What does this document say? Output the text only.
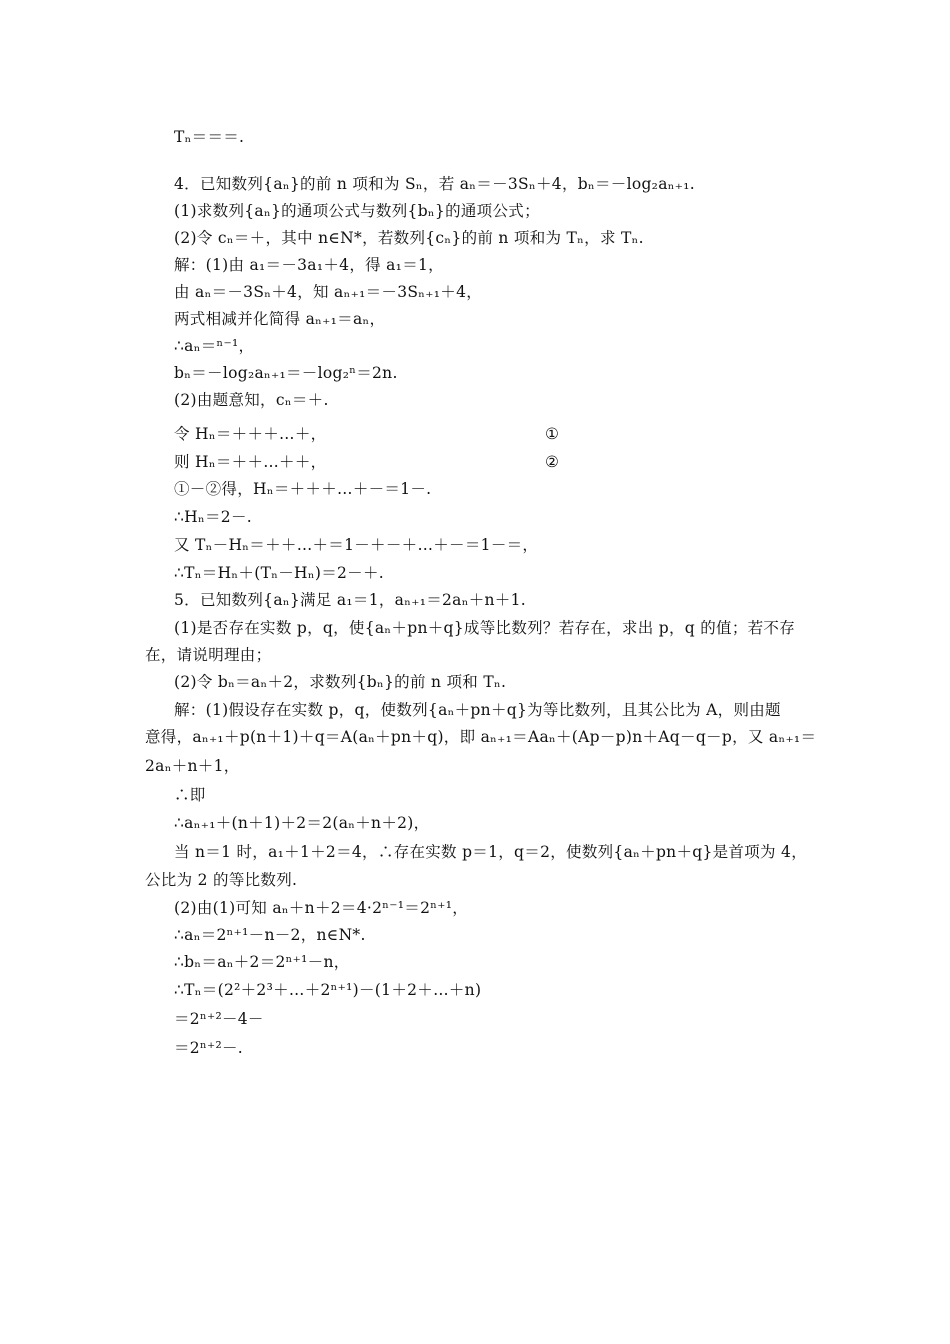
Tₙ＝＝＝.
4．已知数列{aₙ}的前 n 项和为 Sₙ，若 aₙ＝－3Sₙ＋4，bₙ＝－log₂aₙ₊₁.
(1)求数列{aₙ}的通项公式与数列{bₙ}的通项公式；
(2)令 cₙ＝＋，其中 n∈N*，若数列{cₙ}的前 n 项和为 Tₙ，求 Tₙ.
解：(1)由 a₁＝－3a₁＋4，得 a₁＝1，
由 aₙ＝－3Sₙ＋4，知 aₙ₊₁＝－3Sₙ₊₁＋4，
两式相减并化简得 aₙ₊₁＝aₙ，
∴aₙ＝ⁿ⁻¹，
bₙ＝－log₂aₙ₊₁＝－log₂ⁿ＝2n.
(2)由题意知，cₙ＝＋.
令 Hₙ＝＋＋＋…＋，	①
则 Hₙ＝＋＋…＋＋，	②
①－②得，Hₙ＝＋＋＋…＋－＝1－.
∴Hₙ＝2－.
又 Tₙ－Hₙ＝＋＋…＋＝1－＋－＋…＋－＝1－＝，
∴Tₙ＝Hₙ＋(Tₙ－Hₙ)＝2－＋.
5．已知数列{aₙ}满足 a₁＝1，aₙ₊₁＝2aₙ＋n＋1.
(1)是否存在实数 p，q，使{aₙ＋pn＋q}成等比数列？若存在，求出 p，q 的值；若不存
在，请说明理由；
(2)令 bₙ＝aₙ＋2，求数列{bₙ}的前 n 项和 Tₙ.
解：(1)假设存在实数 p，q，使数列{aₙ＋pn＋q}为等比数列，且其公比为 A，则由题
意得，aₙ₊₁＋p(n＋1)＋q＝A(aₙ＋pn＋q)，即 aₙ₊₁＝Aaₙ＋(Ap－p)n＋Aq－q－p，又 aₙ₊₁＝
2aₙ＋n＋1，
∴即
∴aₙ₊₁＋(n＋1)＋2＝2(aₙ＋n＋2)，
当 n＝1 时，a₁＋1＋2＝4，∴存在实数 p＝1，q＝2，使数列{aₙ＋pn＋q}是首项为 4，
公比为 2 的等比数列.
(2)由(1)可知 aₙ＋n＋2＝4·2ⁿ⁻¹＝2ⁿ⁺¹，
∴aₙ＝2ⁿ⁺¹－n－2，n∈N*.
∴bₙ＝aₙ＋2＝2ⁿ⁺¹－n，
∴Tₙ＝(2²＋2³＋…＋2ⁿ⁺¹)－(1＋2＋…＋n)
＝2ⁿ⁺²－4－
＝2ⁿ⁺²－.
